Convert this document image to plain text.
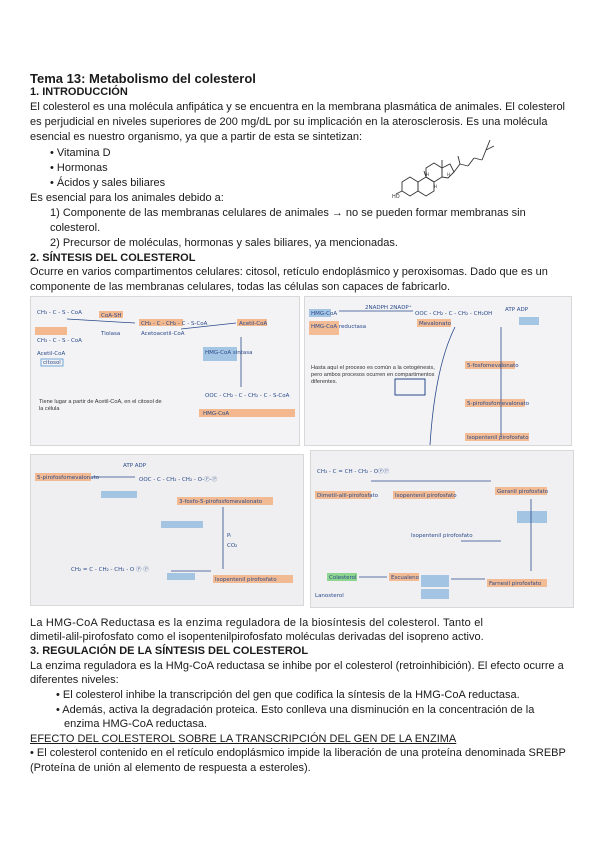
Tema 13: Metabolismo del colesterol
1. INTRODUCCIÓN
El colesterol es una molécula anfipática y se encuentra en la membrana plasmática de animales. El colesterol
es perjudicial en niveles superiores de 200 mg/dL por su implicación en la aterosclerosis. Es una molécula
esencial es nuestro organismo, ya que a partir de esta se sintetizan:
• Vitamina D
• Hormonas
• Ácidos y sales biliares
Es esencial para los animales debido a:
1) Componente de las membranas celulares de animales → no se pueden formar membranas sin
colesterol.
2) Precursor de moléculas, hormonas y sales biliares, ya mencionadas.
HO
H
H
H
2. SÍNTESIS DEL COLESTEROL
Ocurre en varios compartimentos celulares: citosol, retículo endoplásmico y peroxisomas. Dado que es un
componente de las membranas celulares, todas las células son capaces de fabricarlo.
CH₃ - C - S - CoA
CH₃ - C - S - CoA
CoA-SH
CH₃ - C - CH₂ - C - S-CoA	Acetil-CoA
Acetil-CoA
citosol
Tiolasa	Acetoacetil-CoA
HMG-CoA sintasa
OOC - CH₂ - C - CH₂ - C - S-CoA
HMG-CoA
Tiene lugar a partir de Acetil-CoA, en el citosol de la célula
HMG-CoA
HMG-CoA reductasa
2NADPH 2NADP⁺
OOC - CH₂ - C - CH₂ - CH₂OH
Mevalonato
5-fosfomevalonato
5-pirofosfomevalonato
Isopentenil pirofosfato
ATP ADP
Hasta aquí el proceso es común a la cetogénesis, pero ambos procesos ocurren en compartimentos diferentes.
5-pirofosfomevalonato
ATP ADP
OOC - C - CH₂ - CH₂ - O-Ⓟ-Ⓟ
3-fosfo-5-pirofosfomevalonato
Pᵢ
CO₂
CH₂ = C - CH₂ - CH₂ - O Ⓟ Ⓟ
Isopentenil pirofosfato
CH₃ - C = CH - CH₂ - OⓅⓅ
Dimetil-alil-pirofosfato	Isopentenil pirofosfato
Geranil pirofosfato
Isopentenil pirofosfato
Farnesil pirofosfato
Escualeno
Colesterol
Lanosterol
La HMG-CoA Reductasa es la enzima reguladora de la biosíntesis del colesterol. Tanto el
dimetil-alil-pirofosfato como el isopentenilpirofosfato moléculas derivadas del isopreno activo.
3. REGULACIÓN DE LA SÍNTESIS DEL COLESTEROL
La enzima reguladora es la HMg-CoA reductasa se inhibe por el colesterol (retroinhibición). El efecto ocurre a
diferentes niveles:
• El colesterol inhibe la transcripción del gen que codifica la síntesis de la HMG-CoA reductasa.
• Además, activa la degradación proteica. Esto conlleva una disminución en la concentración de la
enzima HMG-CoA reductasa.
EFECTO DEL COLESTEROL SOBRE LA TRANSCRIPCIÓN DEL GEN DE LA ENZIMA
• El colesterol contenido en el retículo endoplásmico impide la liberación de una proteína denominada SREBP
(Proteína de unión al elemento de respuesta a esteroles).
